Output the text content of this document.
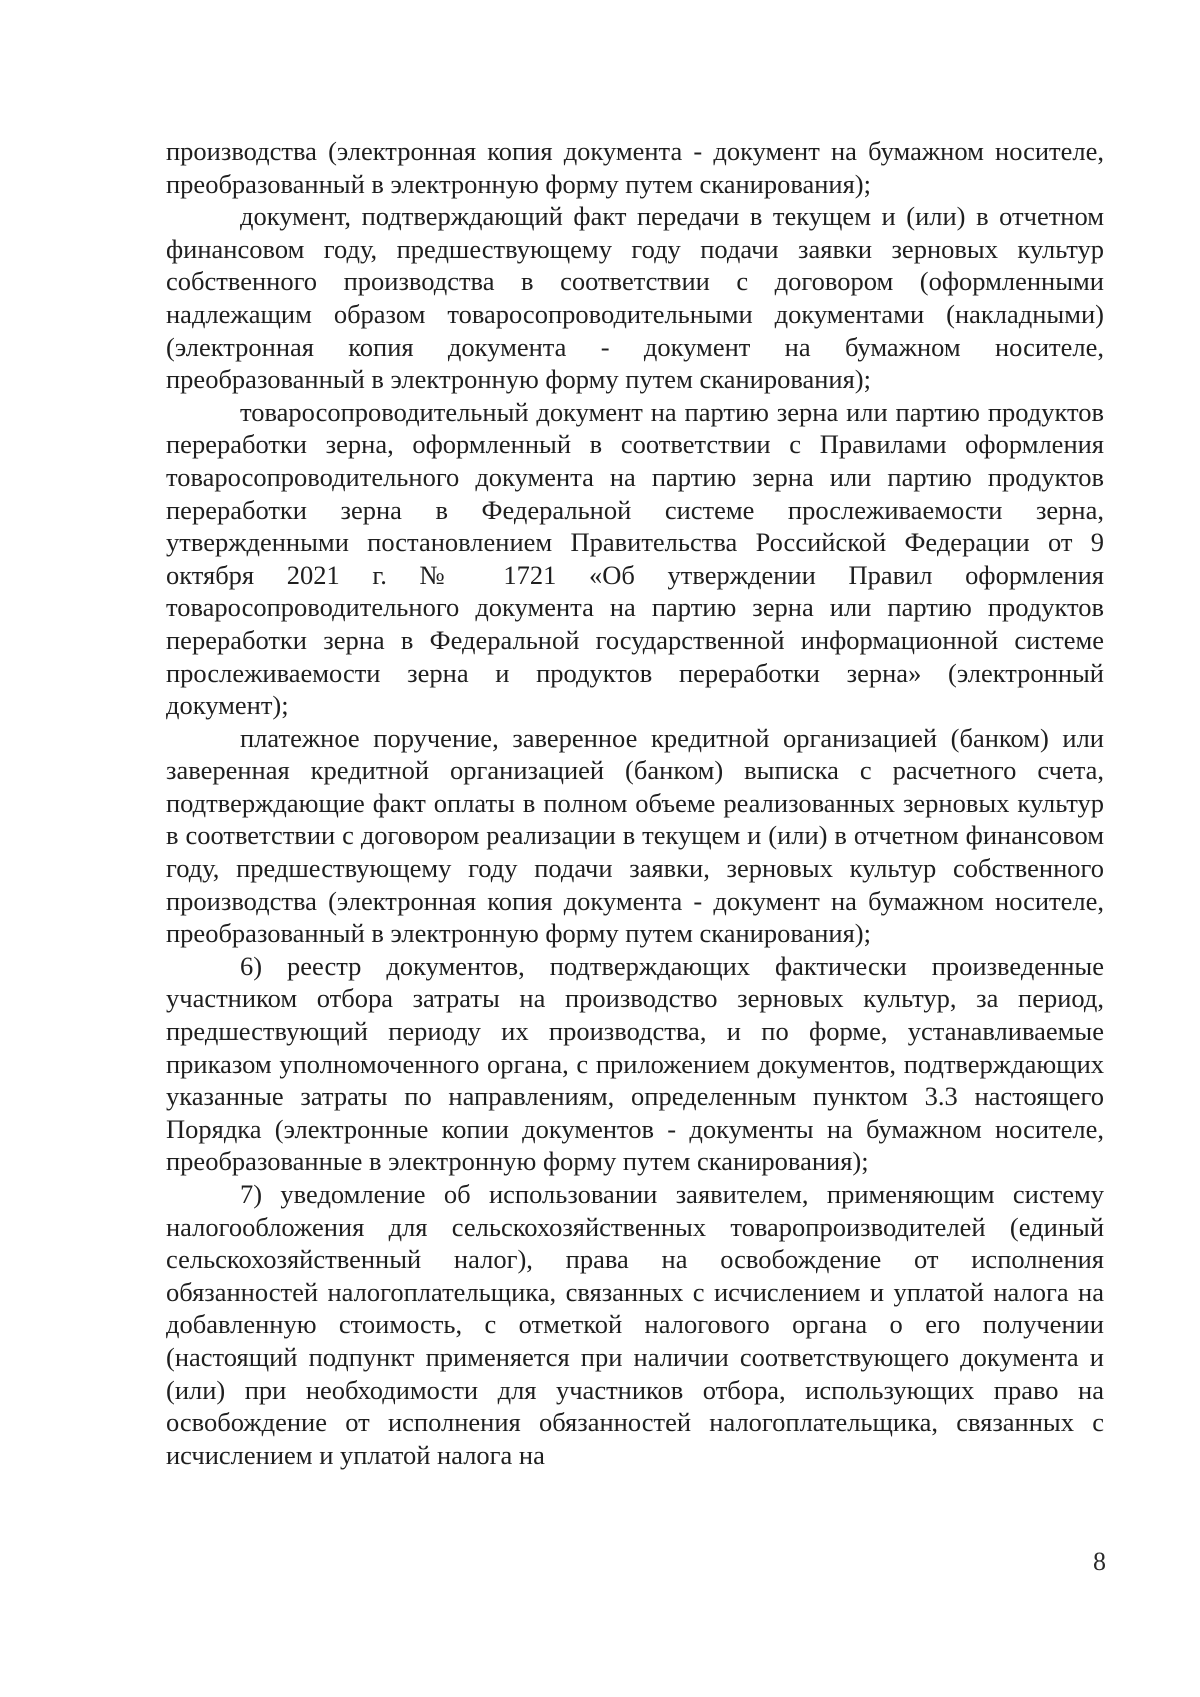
производства (электронная копия документа - документ на бумажном носителе, преобразованный в электронную форму путем сканирования);

документ, подтверждающий факт передачи в текущем и (или) в отчетном финансовом году, предшествующему году подачи заявки зерновых культур собственного производства в соответствии с договором (оформленными надлежащим образом товаросопроводительными документами (накладными) (электронная копия документа - документ на бумажном носителе, преобразованный в электронную форму путем сканирования);

товаросопроводительный документ на партию зерна или партию продуктов переработки зерна, оформленный в соответствии с Правилами оформления товаросопроводительного документа на партию зерна или партию продуктов переработки зерна в Федеральной системе прослеживаемости зерна, утвержденными постановлением Правительства Российской Федерации от 9 октября 2021 г. № 1721 «Об утверждении Правил оформления товаросопроводительного документа на партию зерна или партию продуктов переработки зерна в Федеральной государственной информационной системе прослеживаемости зерна и продуктов переработки зерна» (электронный документ);

платежное поручение, заверенное кредитной организацией (банком) или заверенная кредитной организацией (банком) выписка с расчетного счета, подтверждающие факт оплаты в полном объеме реализованных зерновых культур в соответствии с договором реализации в текущем и (или) в отчетном финансовом году, предшествующему году подачи заявки, зерновых культур собственного производства (электронная копия документа - документ на бумажном носителе, преобразованный в электронную форму путем сканирования);

6) реестр документов, подтверждающих фактически произведенные участником отбора затраты на производство зерновых культур, за период, предшествующий периоду их производства, и по форме, устанавливаемые приказом уполномоченного органа, с приложением документов, подтверждающих указанные затраты по направлениям, определенным пунктом 3.3 настоящего Порядка (электронные копии документов - документы на бумажном носителе, преобразованные в электронную форму путем сканирования);

7) уведомление об использовании заявителем, применяющим систему налогообложения для сельскохозяйственных товаропроизводителей (единый сельскохозяйственный налог), права на освобождение от исполнения обязанностей налогоплательщика, связанных с исчислением и уплатой налога на добавленную стоимость, с отметкой налогового органа о его получении (настоящий подпункт применяется при наличии соответствующего документа и (или) при необходимости для участников отбора, использующих право на освобождение от исполнения обязанностей налогоплательщика, связанных с исчислением и уплатой налога на

8
